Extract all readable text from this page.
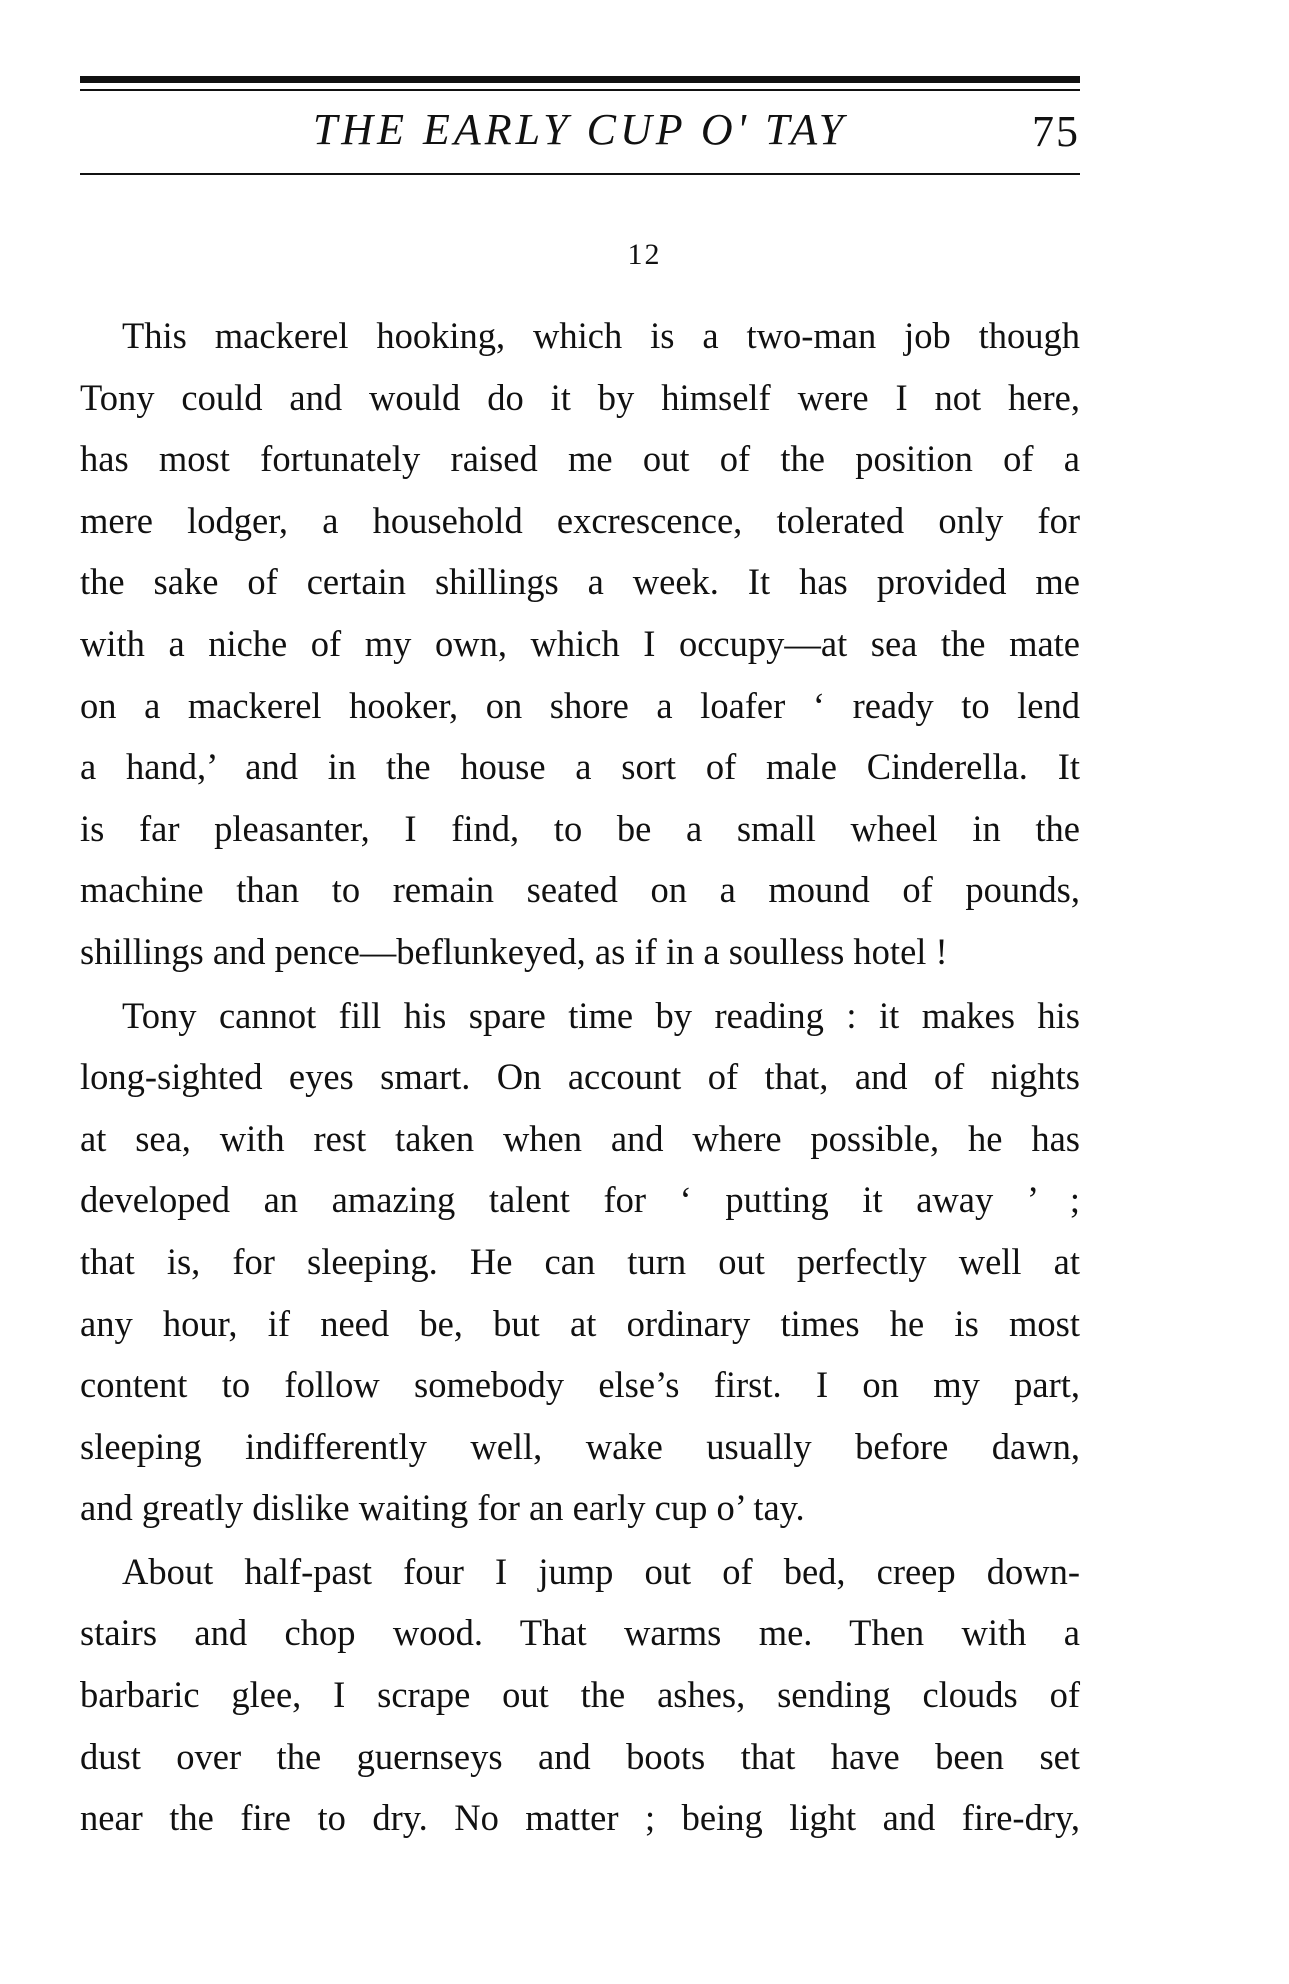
THE EARLY CUP O' TAY	75
12
This mackerel hooking, which is a two-man job though
Tony could and would do it by himself were I not here,
has most fortunately raised me out of the position of a
mere lodger, a household excrescence, tolerated only for
the sake of certain shillings a week. It has provided me
with a niche of my own, which I occupy—at sea the mate
on a mackerel hooker, on shore a loafer ‘ ready to lend
a hand,’ and in the house a sort of male Cinderella. It
is far pleasanter, I find, to be a small wheel in the
machine than to remain seated on a mound of pounds,
shillings and pence—beflunkeyed, as if in a soulless hotel !
Tony cannot fill his spare time by reading : it makes his
long-sighted eyes smart. On account of that, and of nights
at sea, with rest taken when and where possible, he has
developed an amazing talent for ‘ putting it away ’ ;
that is, for sleeping. He can turn out perfectly well at
any hour, if need be, but at ordinary times he is most
content to follow somebody else’s first. I on my part,
sleeping indifferently well, wake usually before dawn,
and greatly dislike waiting for an early cup o’ tay.
About half-past four I jump out of bed, creep down-
stairs and chop wood. That warms me. Then with a
barbaric glee, I scrape out the ashes, sending clouds of
dust over the guernseys and boots that have been set
near the fire to dry. No matter ; being light and fire-dry,
